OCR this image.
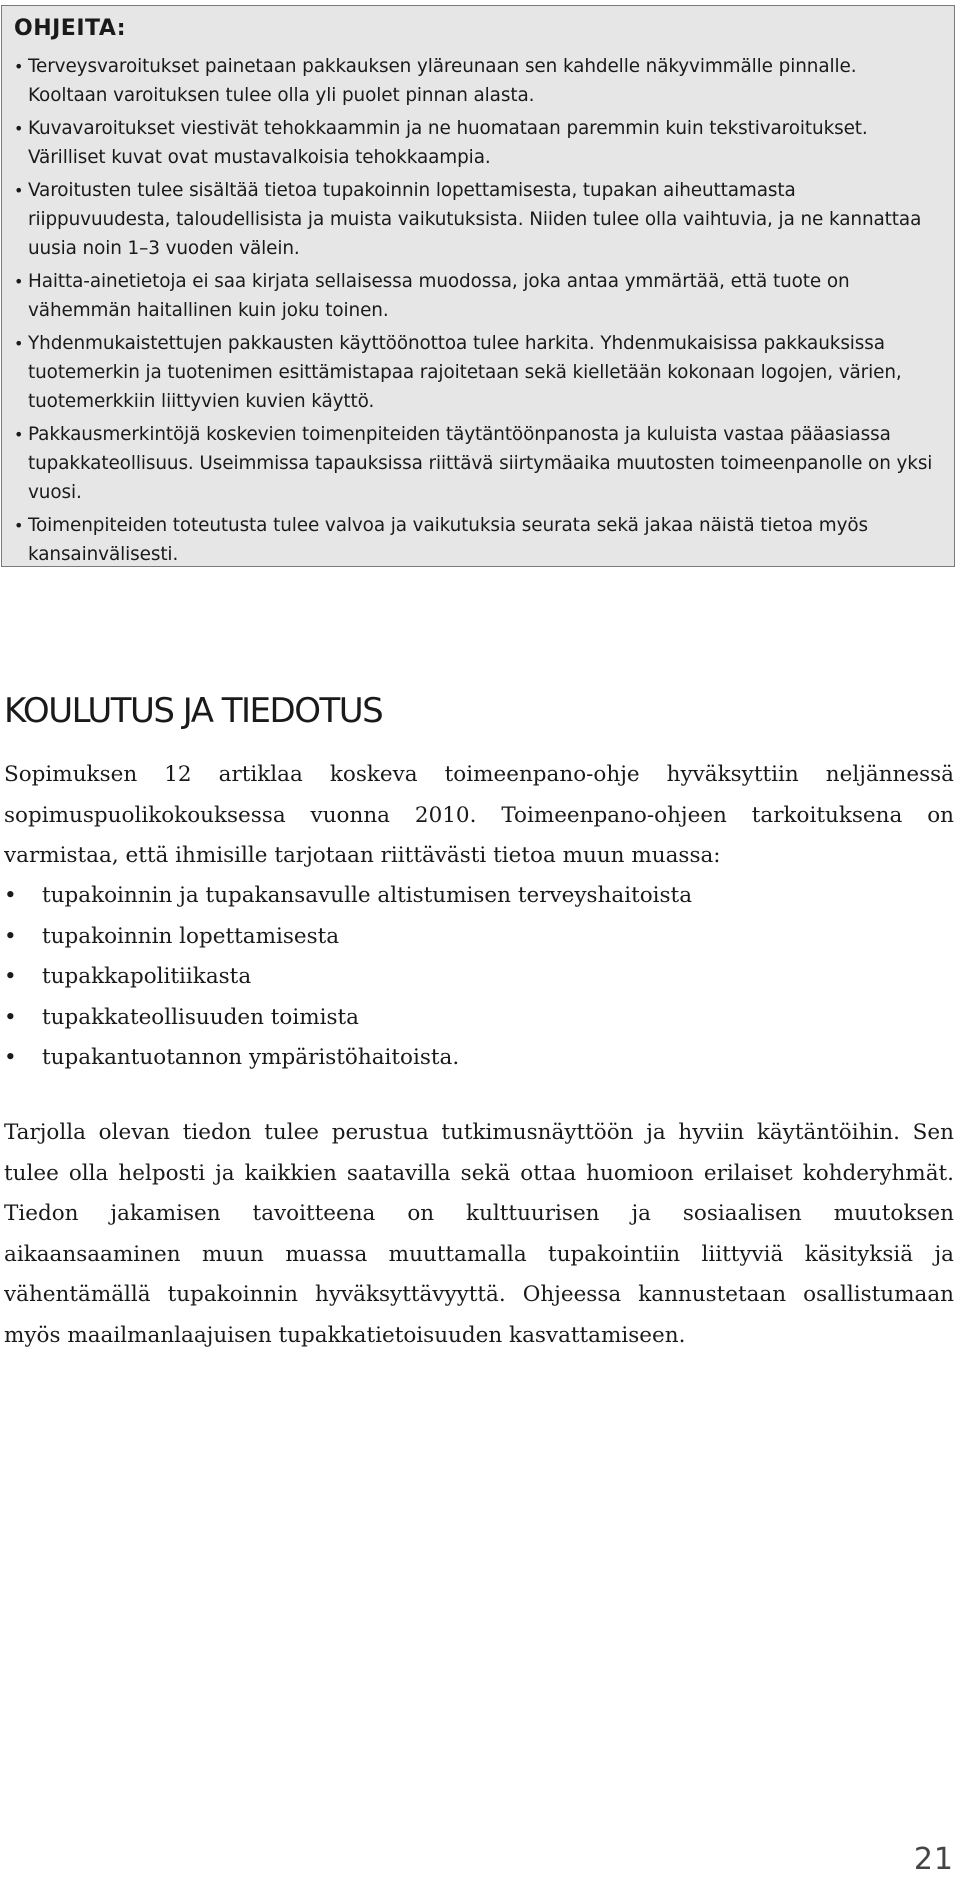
OHJEITA:
• Terveysvaroitukset painetaan pakkauksen yläreunaan sen kahdelle näkyvimmälle pinnalle. Kooltaan varoituksen tulee olla yli puolet pinnan alasta.
• Kuvavaroitukset viestivät tehokkaammin ja ne huomataan paremmin kuin tekstivaroitukset. Värilliset kuvat ovat mustavalkoisia tehokkaampia.
• Varoitusten tulee sisältää tietoa tupakoinnin lopettamisesta, tupakan aiheuttamasta riippuvuudesta, taloudellisista ja muista vaikutuksista. Niiden tulee olla vaihtuvia, ja ne kannattaa uusia noin 1–3 vuoden välein.
• Haitta-ainetietoja ei saa kirjata sellaisessa muodossa, joka antaa ymmärtää, että tuote on vähemmän haitallinen kuin joku toinen.
• Yhdenmukaistettujen pakkausten käyttöönottoa tulee harkita. Yhdenmukaisissa pakkauksissa tuotemerkin ja tuotenimen esittämistapaa rajoitetaan sekä kielletään kokonaan logojen, värien, tuotemerkkiin liittyvien kuvien käyttö.
• Pakkausmerkintöjä koskevien toimenpiteiden täytäntöönpanosta ja kuluista vastaa pääasiassa tupakkateollisuus. Useimmissa tapauksissa riittävä siirtymäaika muutosten toimeenpanolle on yksi vuosi.
• Toimenpiteiden toteutusta tulee valvoa ja vaikutuksia seurata sekä jakaa näistä tietoa myös kansainvälisesti.
KOULUTUS JA TIEDOTUS

Sopimuksen 12 artiklaa koskeva toimeenpano-ohje hyväksyttiin neljännessä sopimuspuolikokouksessa vuonna 2010. Toimeenpano-ohjeen tarkoituksena on varmistaa, että ihmisille tarjotaan riittävästi tietoa muun muassa:

• tupakoinnin ja tupakansavulle altistumisen terveyshaitoista
• tupakoinnin lopettamisesta
• tupakkapolitiikasta
• tupakkateollisuuden toimista
• tupakantuotannon ympäristöhaitoista.

Tarjolla olevan tiedon tulee perustua tutkimusnäyttöön ja hyviin käytäntöihin. Sen tulee olla helposti ja kaikkien saatavilla sekä ottaa huomioon erilaiset kohderyhmät. Tiedon jakamisen tavoitteena on kulttuurisen ja sosiaalisen muutoksen aikaansaaminen muun muassa muuttamalla tupakointiin liittyviä käsityksiä ja vähentämällä tupakoinnin hyväksyttävyyttä. Ohjeessa kannustetaan osallistumaan myös maailmanlaajuisen tupakkatietoisuuden kasvattamiseen.

21
